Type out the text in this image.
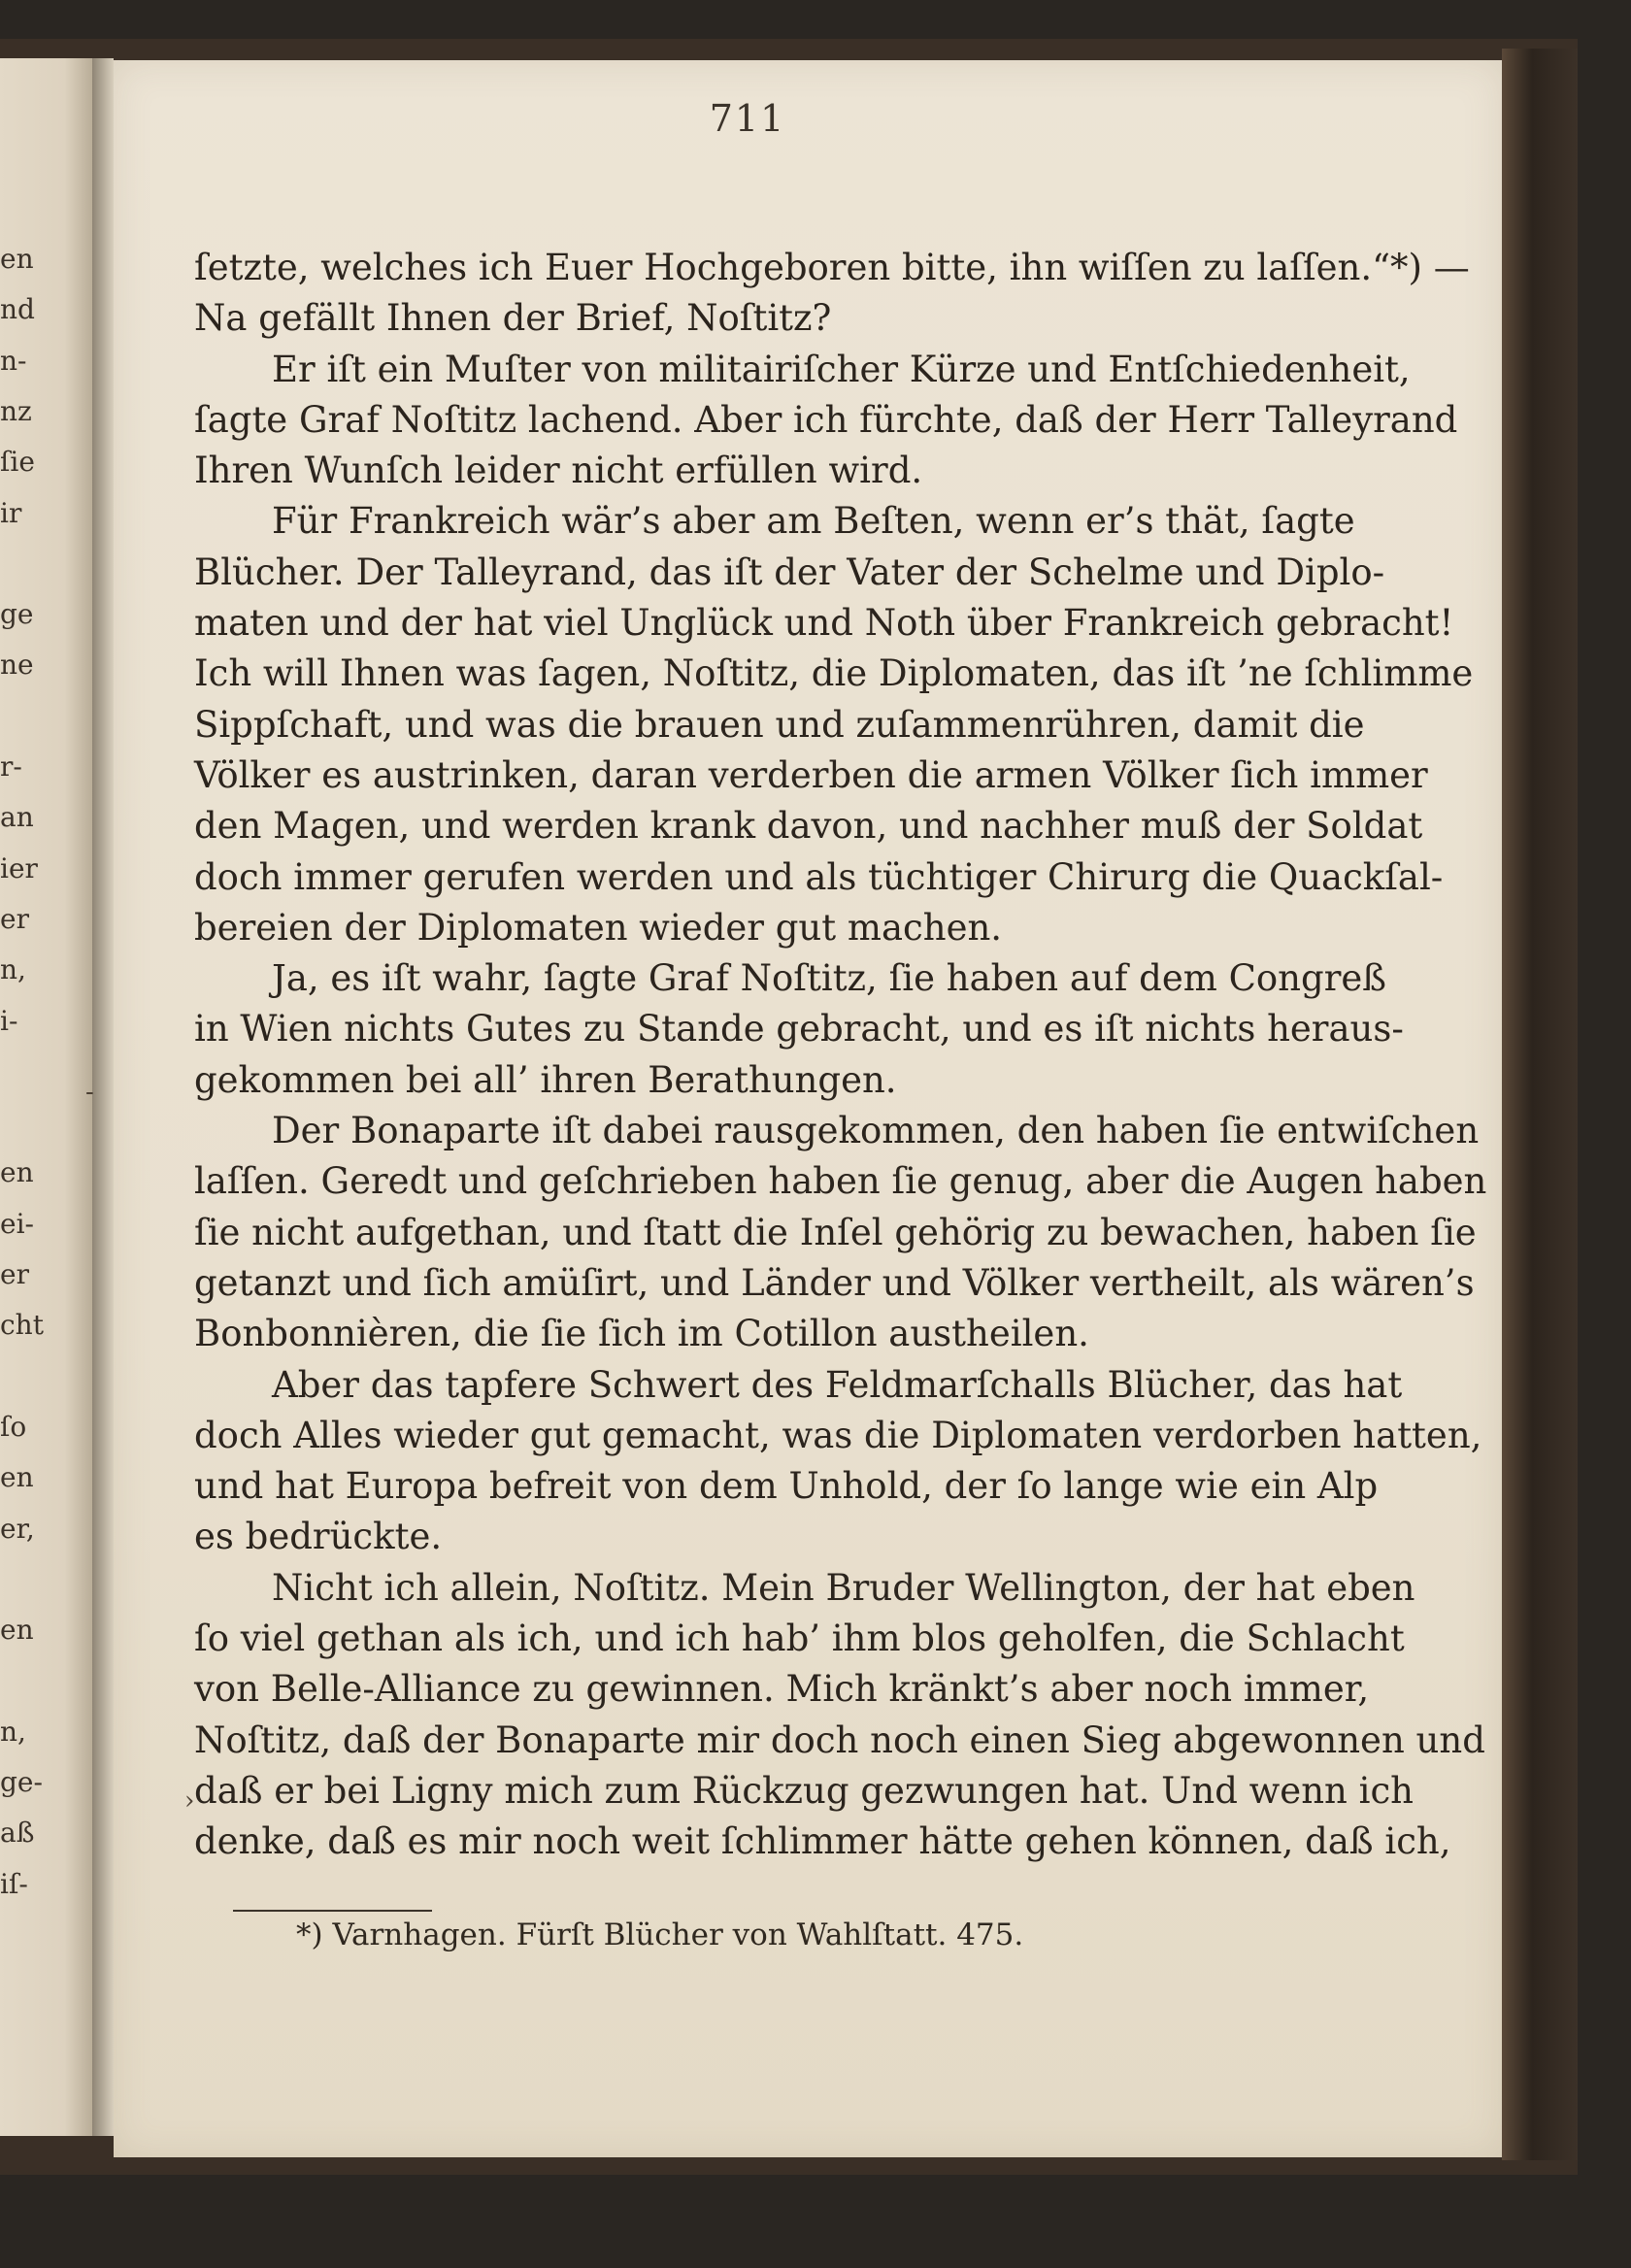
en
nd
n-
nz
ſie
ir
ge
ne
r-
an
ier
er
n,
i-
en
ei-
er
cht
ſo
en
er,
en
n,
ge-
aß
iſ-
711
ſetzte, welches ich Euer Hochgeboren bitte, ihn wiſſen zu laſſen.“*) —
Na gefällt Ihnen der Brief, Noſtitz?
Er iſt ein Muſter von militairiſcher Kürze und Entſchiedenheit,
ſagte Graf Noſtitz lachend. Aber ich fürchte, daß der Herr Talleyrand
Ihren Wunſch leider nicht erfüllen wird.
Für Frankreich wär’s aber am Beſten, wenn er’s thät, ſagte
Blücher. Der Talleyrand, das iſt der Vater der Schelme und Diplo-
maten und der hat viel Unglück und Noth über Frankreich gebracht!
Ich will Ihnen was ſagen, Noſtitz, die Diplomaten, das iſt ’ne ſchlimme
Sippſchaft, und was die brauen und zuſammenrühren, damit die
Völker es austrinken, daran verderben die armen Völker ſich immer
den Magen, und werden krank davon, und nachher muß der Soldat
doch immer gerufen werden und als tüchtiger Chirurg die Quackſal-
bereien der Diplomaten wieder gut machen.
Ja, es iſt wahr, ſagte Graf Noſtitz, ſie haben auf dem Congreß
in Wien nichts Gutes zu Stande gebracht, und es iſt nichts heraus-
gekommen bei all’ ihren Berathungen.
Der Bonaparte iſt dabei rausgekommen, den haben ſie entwiſchen
laſſen. Geredt und geſchrieben haben ſie genug, aber die Augen haben
ſie nicht aufgethan, und ſtatt die Inſel gehörig zu bewachen, haben ſie
getanzt und ſich amüſirt, und Länder und Völker vertheilt, als wären’s
Bonbonnièren, die ſie ſich im Cotillon austheilen.
Aber das tapfere Schwert des Feldmarſchalls Blücher, das hat
doch Alles wieder gut gemacht, was die Diplomaten verdorben hatten,
und hat Europa befreit von dem Unhold, der ſo lange wie ein Alp
es bedrückte.
Nicht ich allein, Noſtitz. Mein Bruder Wellington, der hat eben
ſo viel gethan als ich, und ich hab’ ihm blos geholfen, die Schlacht
von Belle-Alliance zu gewinnen. Mich kränkt’s aber noch immer,
Noſtitz, daß der Bonaparte mir doch noch einen Sieg abgewonnen und
daß er bei Ligny mich zum Rückzug gezwungen hat. Und wenn ich
denke, daß es mir noch weit ſchlimmer hätte gehen können, daß ich,
*) Varnhagen. Fürſt Blücher von Wahlſtatt. 475.
-
›
